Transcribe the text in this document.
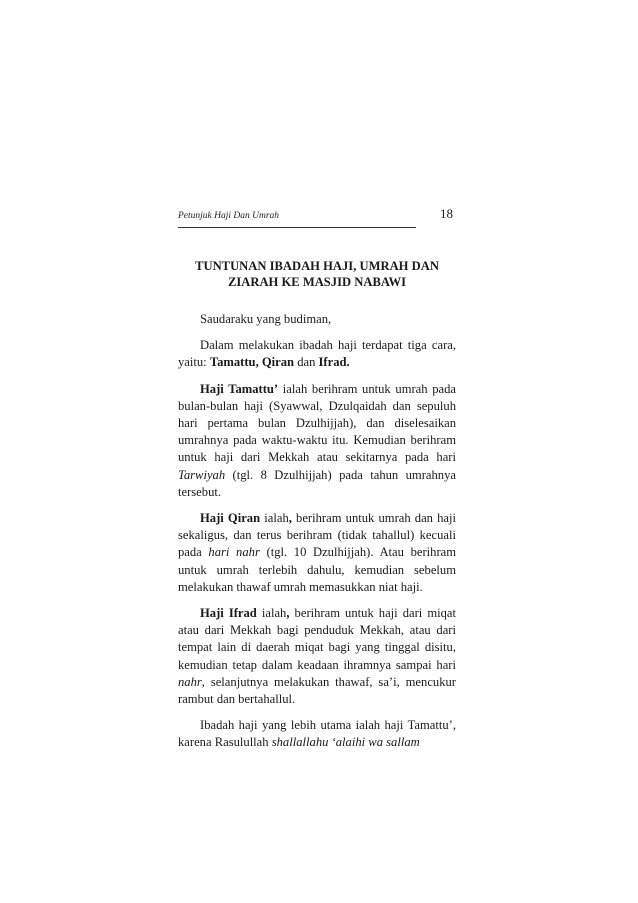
Petunjuk Haji Dan Umrah	18
TUNTUNAN IBADAH HAJI, UMRAH DAN
ZIARAH KE MASJID NABAWI

Saudaraku yang budiman,

Dalam melakukan ibadah haji terdapat tiga cara, yaitu: Tamattu, Qiran dan Ifrad.

Haji Tamattu’ ialah berihram untuk umrah pada bulan-bulan haji (Syawwal, Dzulqaidah dan sepuluh hari pertama bulan Dzulhijjah), dan diselesaikan umrahnya pada waktu-waktu itu. Kemudian berihram untuk haji dari Mekkah atau sekitarnya pada hari Tarwiyah (tgl. 8 Dzulhijjah) pada tahun umrahnya tersebut.

Haji Qiran ialah, berihram untuk umrah dan haji sekaligus, dan terus berihram (tidak tahallul) kecuali pada hari nahr (tgl. 10 Dzulhijjah). Atau berihram untuk umrah terlebih dahulu, kemudian sebelum melakukan thawaf umrah memasukkan niat haji.

Haji Ifrad ialah, berihram untuk haji dari miqat atau dari Mekkah bagi penduduk Mekkah, atau dari tempat lain di daerah miqat bagi yang tinggal disitu, kemudian tetap dalam keadaan ihramnya sampai hari nahr, selanjutnya melakukan thawaf, sa’i, mencukur rambut dan bertahallul.

Ibadah haji yang lebih utama ialah haji Tamattu’, karena Rasulullah shallallahu ‘alaihi wa sallam
